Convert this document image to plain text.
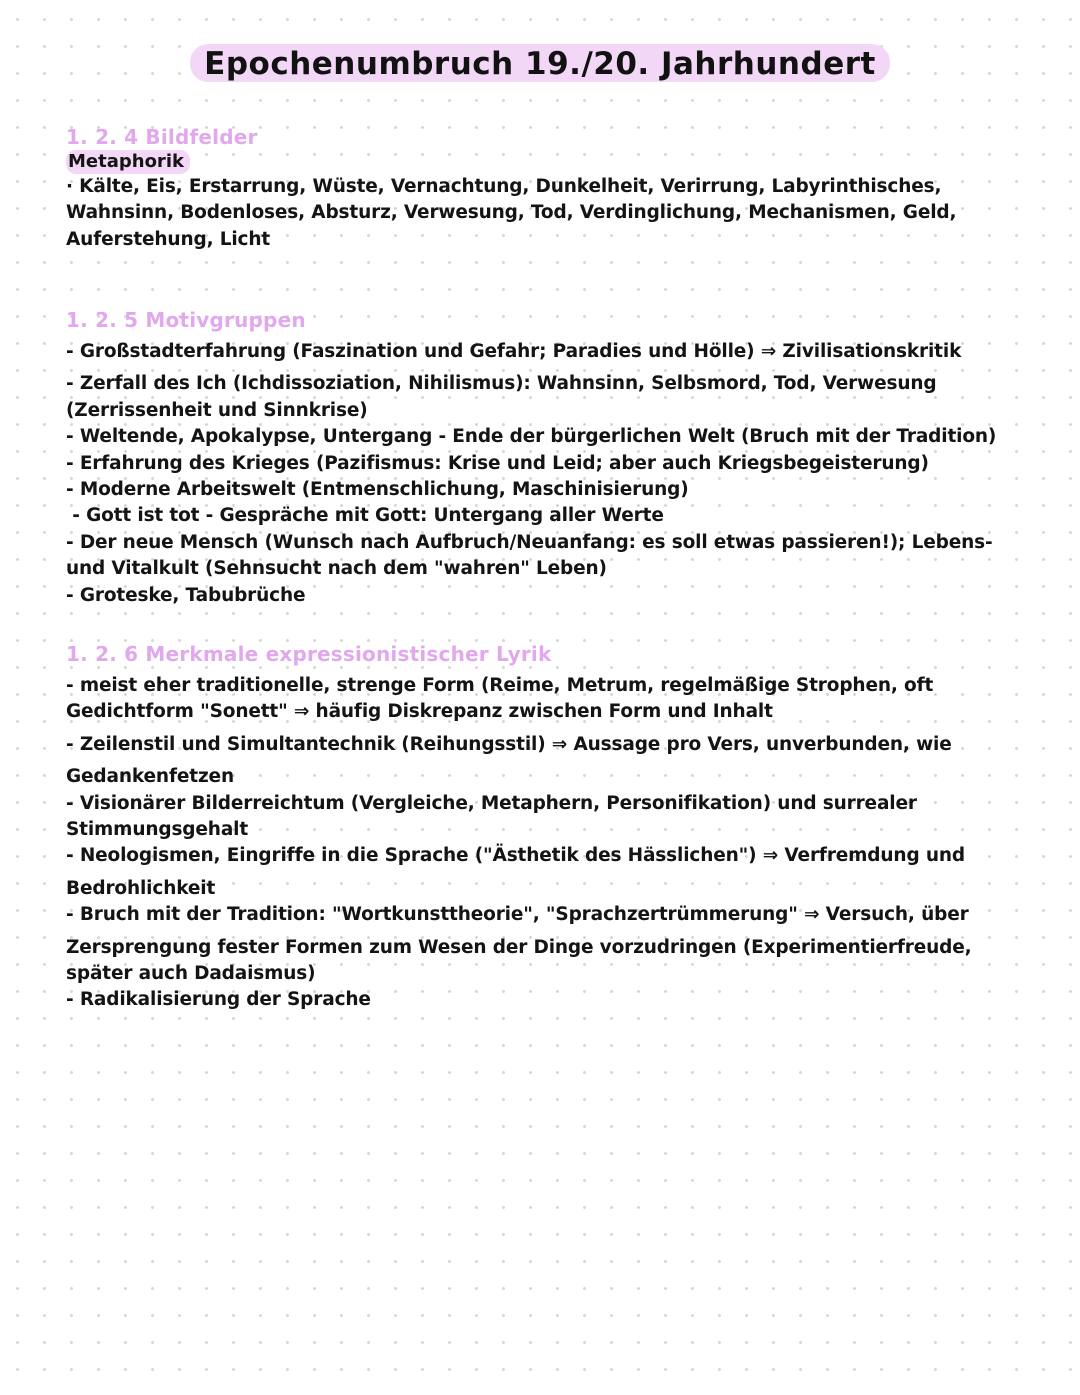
Epochenumbruch 19./20. Jahrhundert
1. 2. 4 Bildfelder
Metaphorik
· Kälte, Eis, Erstarrung, Wüste, Vernachtung, Dunkelheit, Verirrung, Labyrinthisches,
Wahnsinn, Bodenloses, Absturz, Verwesung, Tod, Verdinglichung, Mechanismen, Geld,
Auferstehung, Licht
1. 2. 5 Motivgruppen
- Großstadterfahrung (Faszination und Gefahr; Paradies und Hölle) ⇒ Zivilisationskritik
- Zerfall des Ich (Ichdissoziation, Nihilismus): Wahnsinn, Selbsmord, Tod, Verwesung
(Zerrissenheit und Sinnkrise)
- Weltende, Apokalypse, Untergang - Ende der bürgerlichen Welt (Bruch mit der Tradition)
- Erfahrung des Krieges (Pazifismus: Krise und Leid; aber auch Kriegsbegeisterung)
- Moderne Arbeitswelt (Entmenschlichung, Maschinisierung)
- Gott ist tot - Gespräche mit Gott: Untergang aller Werte
- Der neue Mensch (Wunsch nach Aufbruch/Neuanfang: es soll etwas passieren!); Lebens-
und Vitalkult (Sehnsucht nach dem "wahren" Leben)
- Groteske, Tabubrüche
1. 2. 6 Merkmale expressionistischer Lyrik
- meist eher traditionelle, strenge Form (Reime, Metrum, regelmäßige Strophen, oft
Gedichtform "Sonett" ⇒ häufig Diskrepanz zwischen Form und Inhalt
- Zeilenstil und Simultantechnik (Reihungsstil) ⇒ Aussage pro Vers, unverbunden, wie
Gedankenfetzen
- Visionärer Bilderreichtum (Vergleiche, Metaphern, Personifikation) und surrealer
Stimmungsgehalt
- Neologismen, Eingriffe in die Sprache ("Ästhetik des Hässlichen") ⇒ Verfremdung und
Bedrohlichkeit
- Bruch mit der Tradition: "Wortkunsttheorie", "Sprachzertrümmerung" ⇒ Versuch, über
Zersprengung fester Formen zum Wesen der Dinge vorzudringen (Experimentierfreude,
später auch Dadaismus)
- Radikalisierung der Sprache
